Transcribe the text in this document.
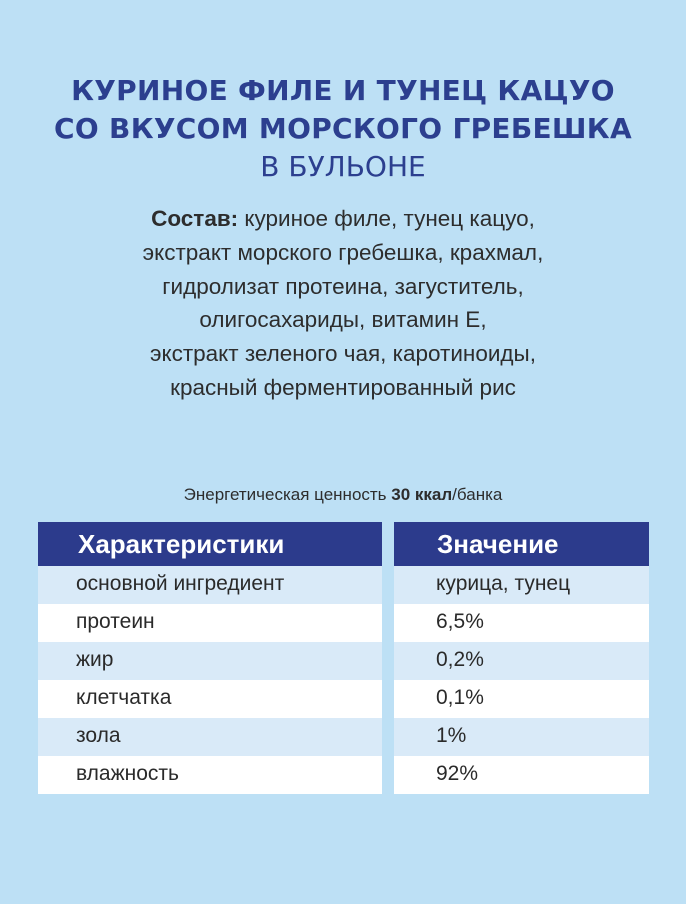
КУРИНОЕ ФИЛЕ И ТУНЕЦ КАЦУО
СО ВКУСОМ МОРСКОГО ГРЕБЕШКА
В БУЛЬОНЕ
Состав: куриное филе, тунец кацуо,
экстракт морского гребешка, крахмал,
гидролизат протеина, загуститель,
олигосахариды, витамин Е,
экстракт зеленого чая, каротиноиды,
красный ферментированный рис
Энергетическая ценность 30 ккал/банка
Характеристики
основной ингредиент
протеин
жир
клетчатка
зола
влажность
Значение
курица, тунец
6,5%
0,2%
0,1%
1%
92%
